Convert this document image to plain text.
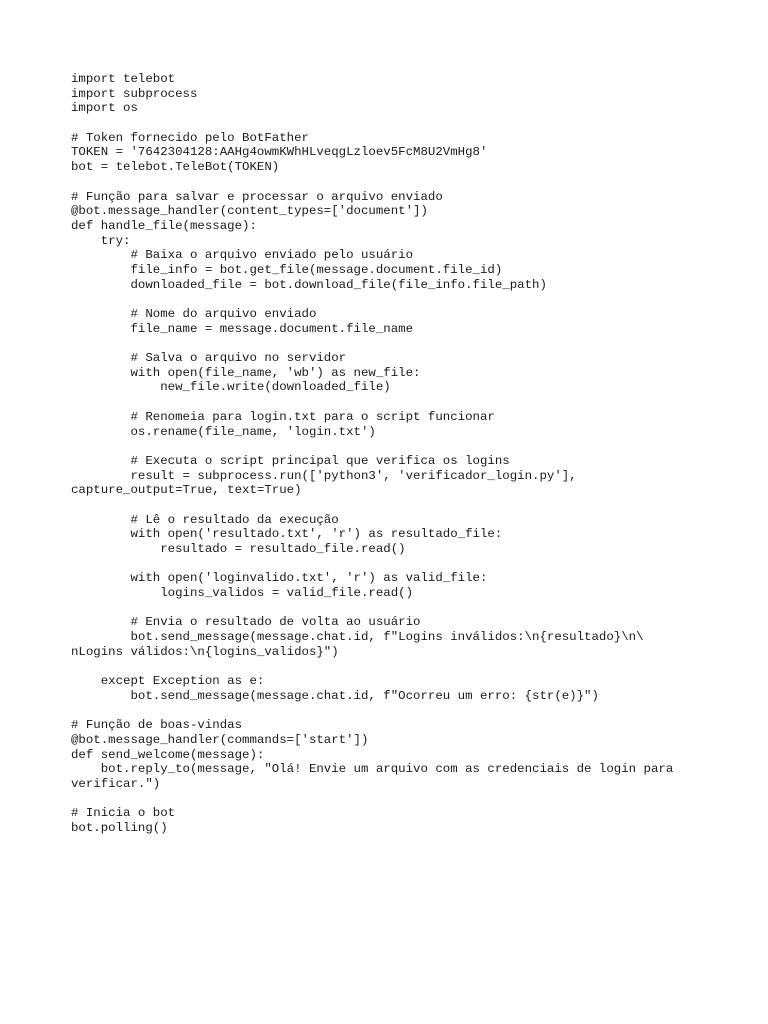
import telebot
import subprocess
import os
# Token fornecido pelo BotFather
TOKEN = '7642304128:AAHg4owmKWhHLveqgLzloev5FcM8U2VmHg8'
bot = telebot.TeleBot(TOKEN)
# Função para salvar e processar o arquivo enviado
@bot.message_handler(content_types=['document'])
def handle_file(message):
try:
# Baixa o arquivo enviado pelo usuário
file_info = bot.get_file(message.document.file_id)
downloaded_file = bot.download_file(file_info.file_path)
# Nome do arquivo enviado
file_name = message.document.file_name
# Salva o arquivo no servidor
with open(file_name, 'wb') as new_file:
new_file.write(downloaded_file)
# Renomeia para login.txt para o script funcionar
os.rename(file_name, 'login.txt')
# Executa o script principal que verifica os logins
result = subprocess.run(['python3', 'verificador_login.py'],
capture_output=True, text=True)
# Lê o resultado da execução
with open('resultado.txt', 'r') as resultado_file:
resultado = resultado_file.read()
with open('loginvalido.txt', 'r') as valid_file:
logins_validos = valid_file.read()
# Envia o resultado de volta ao usuário
bot.send_message(message.chat.id, f"Logins inválidos:\n{resultado}\n\
nLogins válidos:\n{logins_validos}")
except Exception as e:
bot.send_message(message.chat.id, f"Ocorreu um erro: {str(e)}")
# Função de boas-vindas
@bot.message_handler(commands=['start'])
def send_welcome(message):
bot.reply_to(message, "Olá! Envie um arquivo com as credenciais de login para
verificar.")
# Inicia o bot
bot.polling()
